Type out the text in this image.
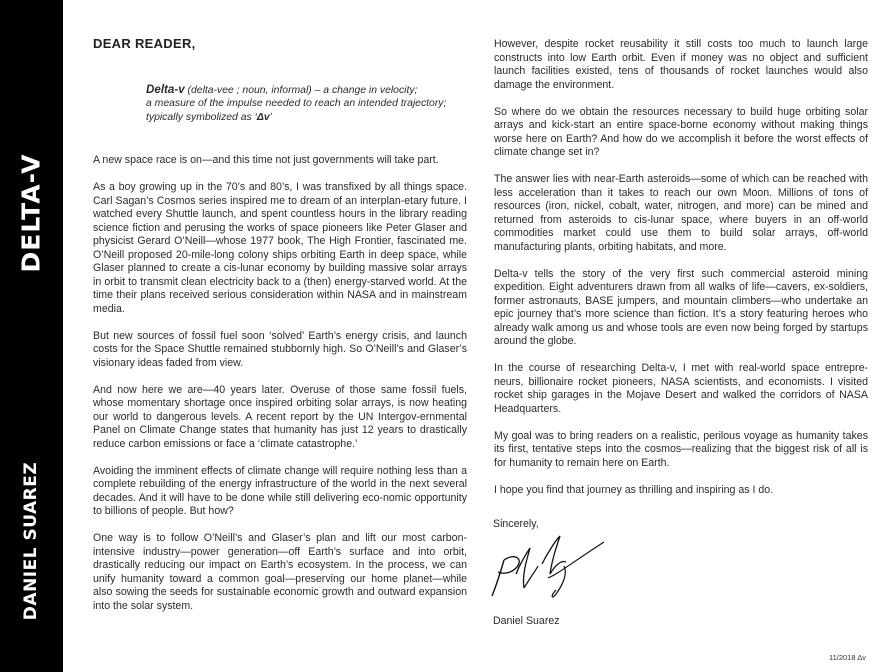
DELTA-V
DANIEL SUAREZ
DEAR READER,
Delta-v (delta-vee ; noun, informal) – a change in velocity;
a measure of the impulse needed to reach an intended trajectory;
typically symbolized as ‘Δv’

A new space race is on—and this time not just governments will take part.

As a boy growing up in the 70’s and 80’s, I was transfixed by all things space. Carl Sagan’s Cosmos series inspired me to dream of an interplan-etary future. I watched every Shuttle launch, and spent countless hours in the library reading science fiction and perusing the works of space pioneers like Peter Glaser and physicist Gerard O’Neill—whose 1977 book, The High Frontier, fascinated me. O’Neill proposed 20-mile-long colony ships orbiting Earth in deep space, while Glaser planned to create a cis-lunar economy by building massive solar arrays in orbit to transmit clean electricity back to a (then) energy-starved world. At the time their plans received serious consideration within NASA and in mainstream media.

But new sources of fossil fuel soon ‘solved’ Earth’s energy crisis, and launch costs for the Space Shuttle remained stubbornly high. So O’Neill’s and Glaser’s visionary ideas faded from view.

And now here we are—40 years later. Overuse of those same fossil fuels, whose momentary shortage once inspired orbiting solar arrays, is now heating our world to dangerous levels. A recent report by the UN Intergov-ernmental Panel on Climate Change states that humanity has just 12 years to drastically reduce carbon emissions or face a ‘climate catastrophe.’

Avoiding the imminent effects of climate change will require nothing less than a complete rebuilding of the energy infrastructure of the world in the next several decades. And it will have to be done while still delivering eco-nomic opportunity to billions of people. But how?

One way is to follow O’Neill’s and Glaser’s plan and lift our most carbon-intensive industry—power generation—off Earth’s surface and into orbit, drastically reducing our impact on Earth’s ecosystem. In the process, we can unify humanity toward a common goal—preserving our home planet—while also sowing the seeds for sustainable economic growth and outward expansion into the solar system.

However, despite rocket reusability it still costs too much to launch large constructs into low Earth orbit. Even if money was no object and sufficient launch facilities existed, tens of thousands of rocket launches would also damage the environment.

So where do we obtain the resources necessary to build huge orbiting solar arrays and kick-start an entire space-borne economy without making things worse here on Earth? And how do we accomplish it before the worst effects of climate change set in?

The answer lies with near-Earth asteroids—some of which can be reached with less acceleration than it takes to reach our own Moon. Millions of tons of resources (iron, nickel, cobalt, water, nitrogen, and more) can be mined and returned from asteroids to cis-lunar space, where buyers in an off-world commodities market could use them to build solar arrays, off-world manufacturing plants, orbiting habitats, and more.

Delta-v tells the story of the very first such commercial asteroid mining expedition. Eight adventurers drawn from all walks of life—cavers, ex-soldiers, former astronauts, BASE jumpers, and mountain climbers—who undertake an epic journey that’s more science than fiction. It’s a story featuring heroes who already walk among us and whose tools are even now being forged by startups around the globe.

In the course of researching Delta-v, I met with real-world space entrepre-neurs, billionaire rocket pioneers, NASA scientists, and economists. I visited rocket ship garages in the Mojave Desert and walked the corridors of NASA Headquarters.

My goal was to bring readers on a realistic, perilous voyage as humanity takes its first, tentative steps into the cosmos—realizing that the biggest risk of all is for humanity to remain here on Earth.

I hope you find that journey as thrilling and inspiring as I do.

Sincerely,
Daniel Suarez
11/2018 Δv
